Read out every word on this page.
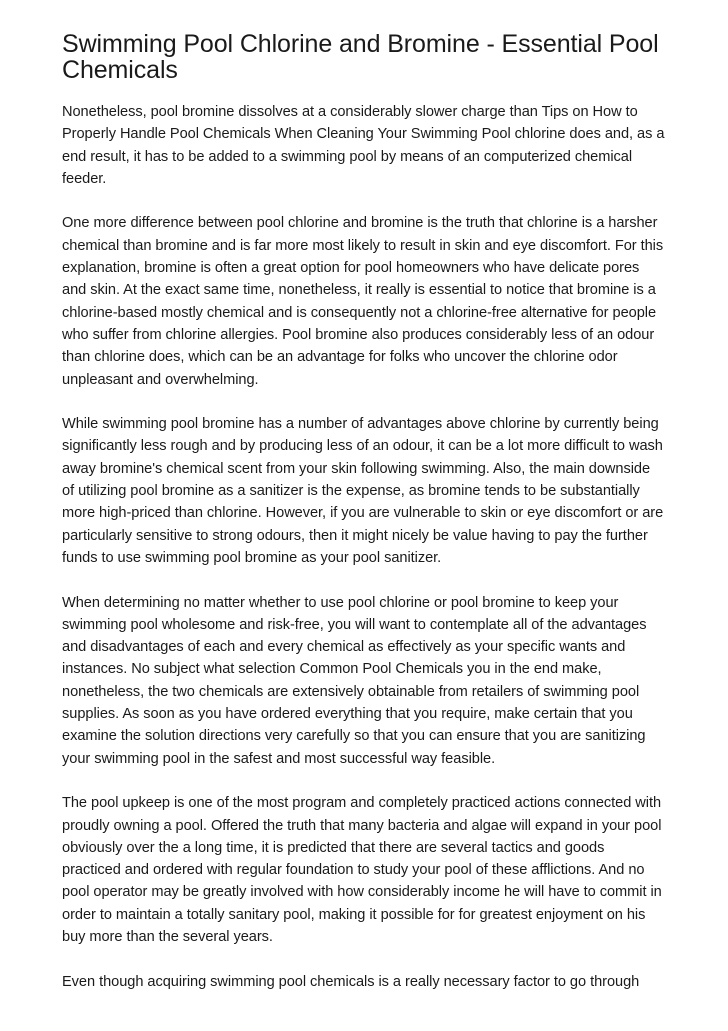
Swimming Pool Chlorine and Bromine - Essential Pool Chemicals

Nonetheless, pool bromine dissolves at a considerably slower charge than Tips on How to Properly Handle Pool Chemicals When Cleaning Your Swimming Pool chlorine does and, as a end result, it has to be added to a swimming pool by means of an computerized chemical feeder.

One more difference between pool chlorine and bromine is the truth that chlorine is a harsher chemical than bromine and is far more most likely to result in skin and eye discomfort. For this explanation, bromine is often a great option for pool homeowners who have delicate pores and skin. At the exact same time, nonetheless, it really is essential to notice that bromine is a chlorine-based mostly chemical and is consequently not a chlorine-free alternative for people who suffer from chlorine allergies. Pool bromine also produces considerably less of an odour than chlorine does, which can be an advantage for folks who uncover the chlorine odor unpleasant and overwhelming.

While swimming pool bromine has a number of advantages above chlorine by currently being significantly less rough and by producing less of an odour, it can be a lot more difficult to wash away bromine's chemical scent from your skin following swimming. Also, the main downside of utilizing pool bromine as a sanitizer is the expense, as bromine tends to be substantially more high-priced than chlorine. However, if you are vulnerable to skin or eye discomfort or are particularly sensitive to strong odours, then it might nicely be value having to pay the further funds to use swimming pool bromine as your pool sanitizer.

When determining no matter whether to use pool chlorine or pool bromine to keep your swimming pool wholesome and risk-free, you will want to contemplate all of the advantages and disadvantages of each and every chemical as effectively as your specific wants and instances. No subject what selection Common Pool Chemicals you in the end make, nonetheless, the two chemicals are extensively obtainable from retailers of swimming pool supplies. As soon as you have ordered everything that you require, make certain that you examine the solution directions very carefully so that you can ensure that you are sanitizing your swimming pool in the safest and most successful way feasible.

The pool upkeep is one of the most program and completely practiced actions connected with proudly owning a pool. Offered the truth that many bacteria and algae will expand in your pool obviously over the a long time, it is predicted that there are several tactics and goods practiced and ordered with regular foundation to study your pool of these afflictions. And no pool operator may be greatly involved with how considerably income he will have to commit in order to maintain a totally sanitary pool, making it possible for for greatest enjoyment on his buy more than the several years.

Even though acquiring swimming pool chemicals is a really necessary factor to go through
